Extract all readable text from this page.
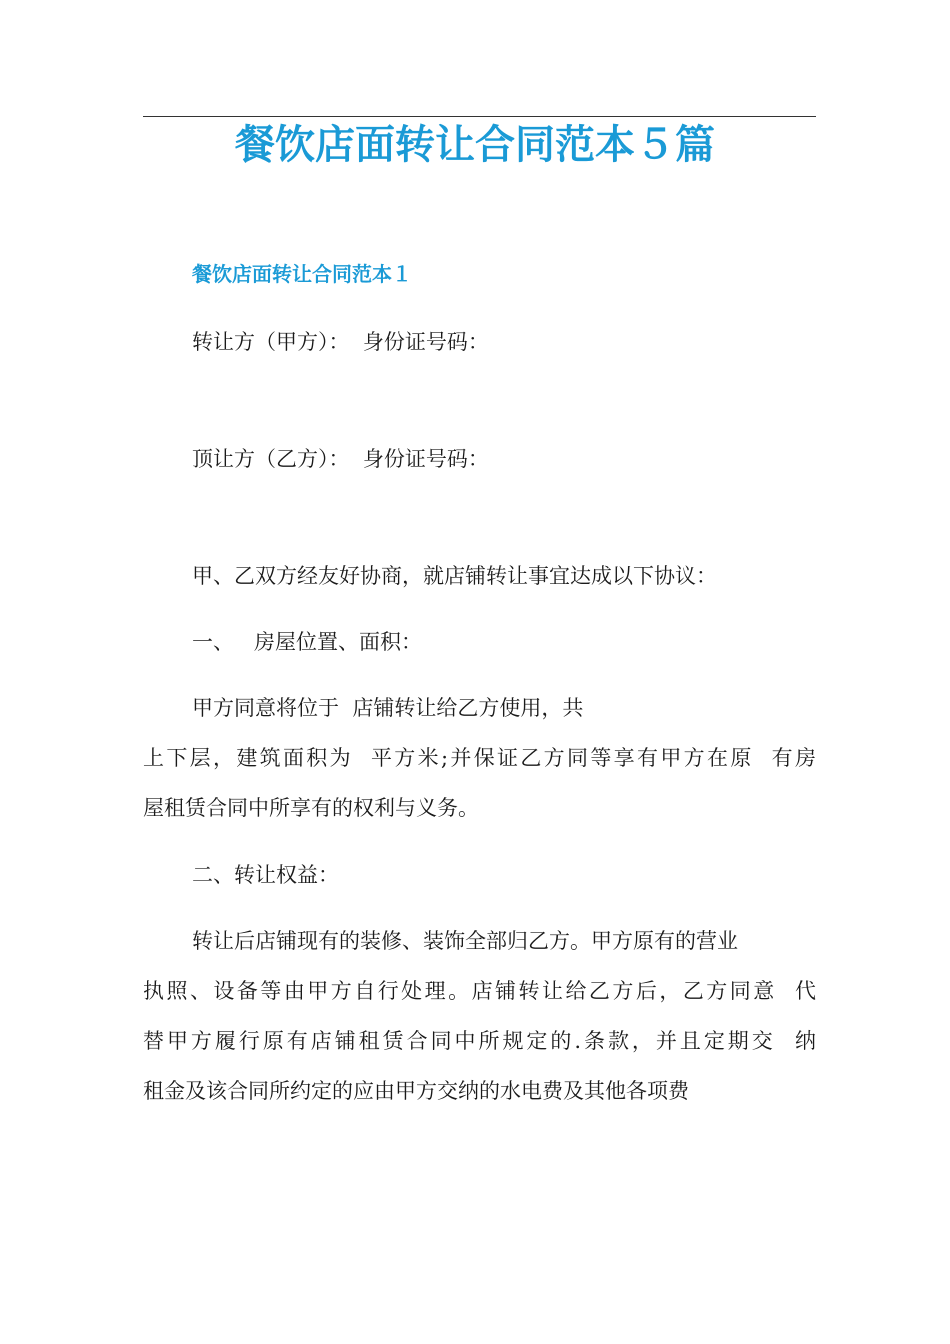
餐饮店面转让合同范本５篇
餐饮店面转让合同范本１

转让方（甲方）：  身份证号码：

顶让方（乙方）：  身份证号码：

甲、乙双方经友好协商，就店铺转让事宜达成以下协议：

一、   房屋位置、面积：

甲方同意将位于  店铺转让给乙方使用，共

上下层，建筑面积为  平方米;并保证乙方同等享有甲方在原  有房

屋租赁合同中所享有的权利与义务。

二、转让权益：

转让后店铺现有的装修、装饰全部归乙方。甲方原有的营业

执照、设备等由甲方自行处理。店铺转让给乙方后，乙方同意  代

替甲方履行原有店铺租赁合同中所规定的.条款，并且定期交  纳

租金及该合同所约定的应由甲方交纳的水电费及其他各项费
